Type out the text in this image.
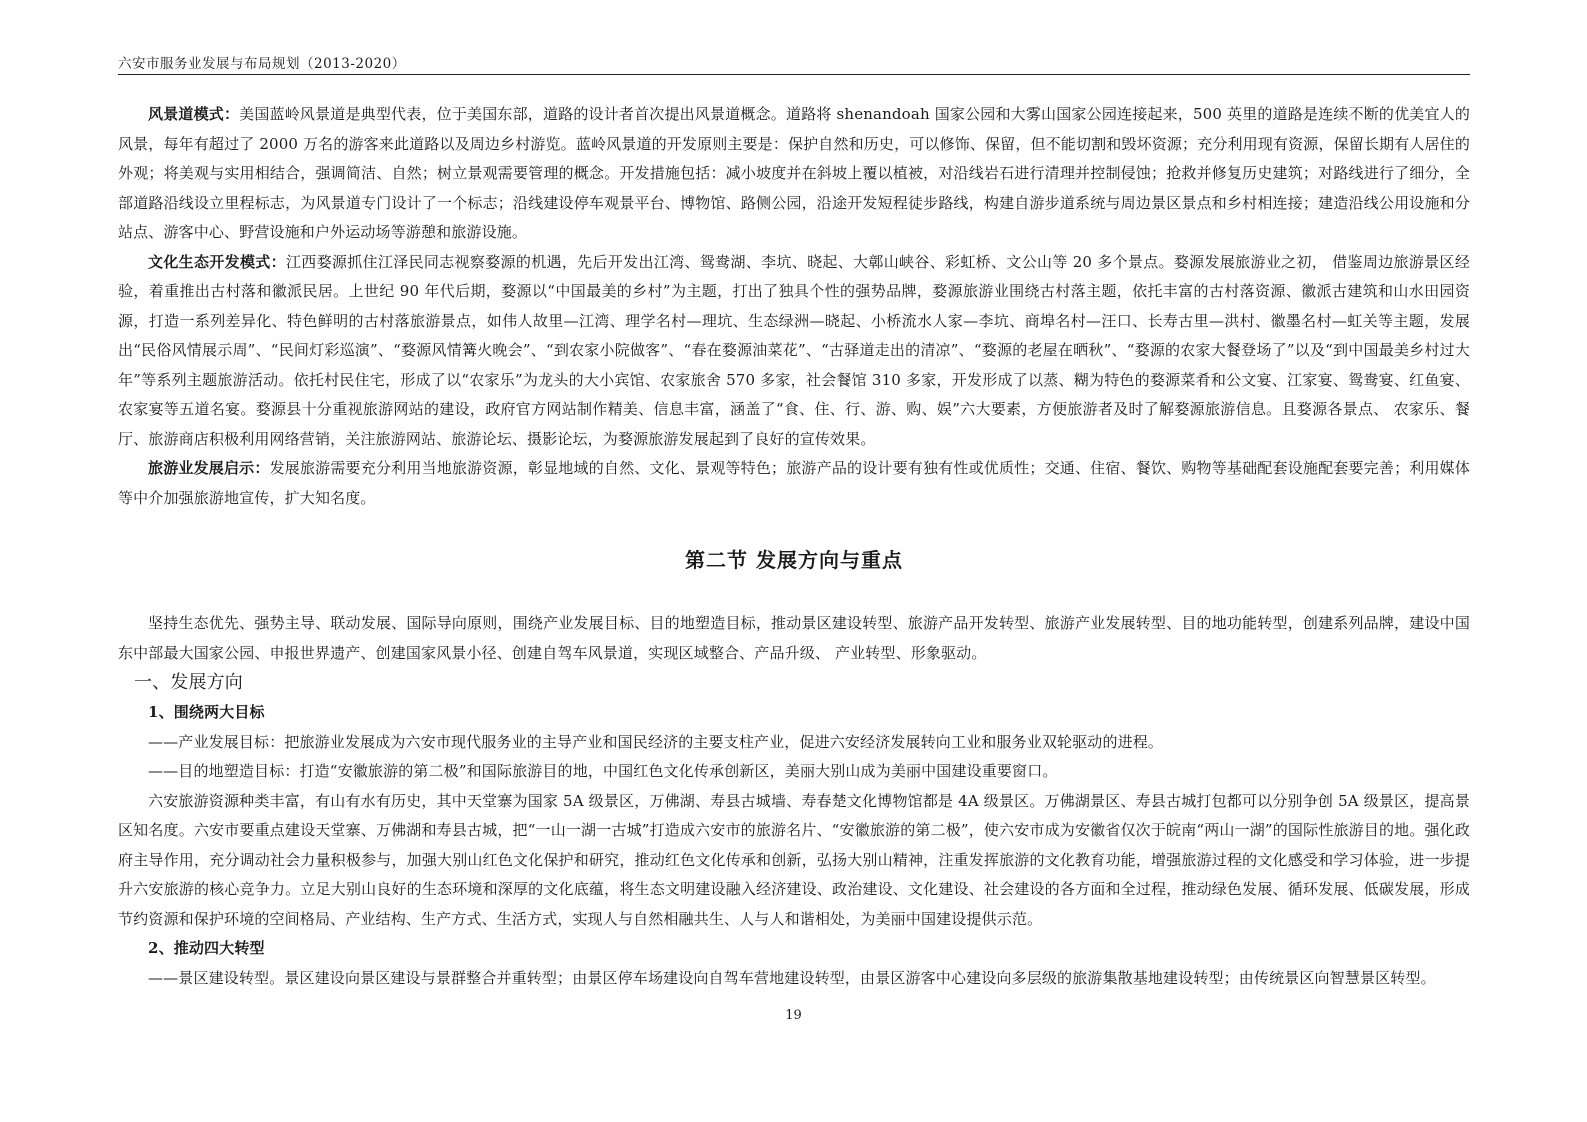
六安市服务业发展与布局规划（2013-2020）

风景道模式：美国蓝岭风景道是典型代表，位于美国东部，道路的设计者首次提出风景道概念。道路将 shenandoah 国家公园和大雾山国家公园连接起来，500 英里的道路是连续不断的优美宜人的风景，每年有超过了 2000 万名的游客来此道路以及周边乡村游览。蓝岭风景道的开发原则主要是：保护自然和历史，可以修饰、保留，但不能切割和毁坏资源；充分利用现有资源，保留长期有人居住的外观；将美观与实用相结合，强调简洁、自然；树立景观需要管理的概念。开发措施包括：减小坡度并在斜坡上覆以植被，对沿线岩石进行清理并控制侵蚀；抢救并修复历史建筑；对路线进行了细分，全部道路沿线设立里程标志，为风景道专门设计了一个标志；沿线建设停车观景平台、博物馆、路侧公园，沿途开发短程徒步路线，构建自游步道系统与周边景区景点和乡村相连接；建造沿线公用设施和分站点、游客中心、野营设施和户外运动场等游憩和旅游设施。

文化生态开发模式：江西婺源抓住江泽民同志视察婺源的机遇，先后开发出江湾、鸳鸯湖、李坑、晓起、大鄣山峡谷、彩虹桥、文公山等 20 多个景点。婺源发展旅游业之初， 借鉴周边旅游景区经验，着重推出古村落和徽派民居。上世纪 90 年代后期，婺源以“中国最美的乡村”为主题，打出了独具个性的强势品牌，婺源旅游业围绕古村落主题，依托丰富的古村落资源、徽派古建筑和山水田园资源，打造一系列差异化、特色鲜明的古村落旅游景点，如伟人故里—江湾、理学名村—理坑、生态绿洲—晓起、小桥流水人家—李坑、商埠名村—汪口、长寿古里—洪村、徽墨名村—虹关等主题，发展出“民俗风情展示周”、“民间灯彩巡演”、“婺源风情篝火晚会”、“到农家小院做客”、“春在婺源油菜花”、“古驿道走出的清凉”、“婺源的老屋在晒秋”、“婺源的农家大餐登场了”以及“到中国最美乡村过大年”等系列主题旅游活动。依托村民住宅，形成了以“农家乐”为龙头的大小宾馆、农家旅舍 570 多家，社会餐馆 310 多家，开发形成了以蒸、糊为特色的婺源菜肴和公文宴、江家宴、鸳鸯宴、红鱼宴、农家宴等五道名宴。婺源县十分重视旅游网站的建设，政府官方网站制作精美、信息丰富，涵盖了“食、住、行、游、购、娱”六大要素，方便旅游者及时了解婺源旅游信息。且婺源各景点、 农家乐、餐厅、旅游商店积极利用网络营销，关注旅游网站、旅游论坛、摄影论坛，为婺源旅游发展起到了良好的宣传效果。

旅游业发展启示：发展旅游需要充分利用当地旅游资源，彰显地域的自然、文化、景观等特色；旅游产品的设计要有独有性或优质性；交通、住宿、餐饮、购物等基础配套设施配套要完善；利用媒体等中介加强旅游地宣传，扩大知名度。

第二节 发展方向与重点

坚持生态优先、强势主导、联动发展、国际导向原则，围绕产业发展目标、目的地塑造目标，推动景区建设转型、旅游产品开发转型、旅游产业发展转型、目的地功能转型，创建系列品牌，建设中国东中部最大国家公园、申报世界遗产、创建国家风景小径、创建自驾车风景道，实现区域整合、产品升级、 产业转型、形象驱动。

一、发展方向
1、围绕两大目标

——产业发展目标：把旅游业发展成为六安市现代服务业的主导产业和国民经济的主要支柱产业，促进六安经济发展转向工业和服务业双轮驱动的进程。

——目的地塑造目标：打造“安徽旅游的第二极”和国际旅游目的地，中国红色文化传承创新区，美丽大别山成为美丽中国建设重要窗口。

六安旅游资源种类丰富，有山有水有历史，其中天堂寨为国家 5A 级景区，万佛湖、寿县古城墙、寿春楚文化博物馆都是 4A 级景区。万佛湖景区、寿县古城打包都可以分别争创 5A 级景区，提高景区知名度。六安市要重点建设天堂寨、万佛湖和寿县古城，把“一山一湖一古城”打造成六安市的旅游名片、“安徽旅游的第二极”，使六安市成为安徽省仅次于皖南“两山一湖”的国际性旅游目的地。强化政府主导作用，充分调动社会力量积极参与，加强大别山红色文化保护和研究，推动红色文化传承和创新，弘扬大别山精神，注重发挥旅游的文化教育功能，增强旅游过程的文化感受和学习体验，进一步提升六安旅游的核心竞争力。立足大别山良好的生态环境和深厚的文化底蕴，将生态文明建设融入经济建设、政治建设、文化建设、社会建设的各方面和全过程，推动绿色发展、循环发展、低碳发展，形成节约资源和保护环境的空间格局、产业结构、生产方式、生活方式，实现人与自然相融共生、人与人和谐相处，为美丽中国建设提供示范。

2、推动四大转型

——景区建设转型。景区建设向景区建设与景群整合并重转型；由景区停车场建设向自驾车营地建设转型，由景区游客中心建设向多层级的旅游集散基地建设转型；由传统景区向智慧景区转型。

19
